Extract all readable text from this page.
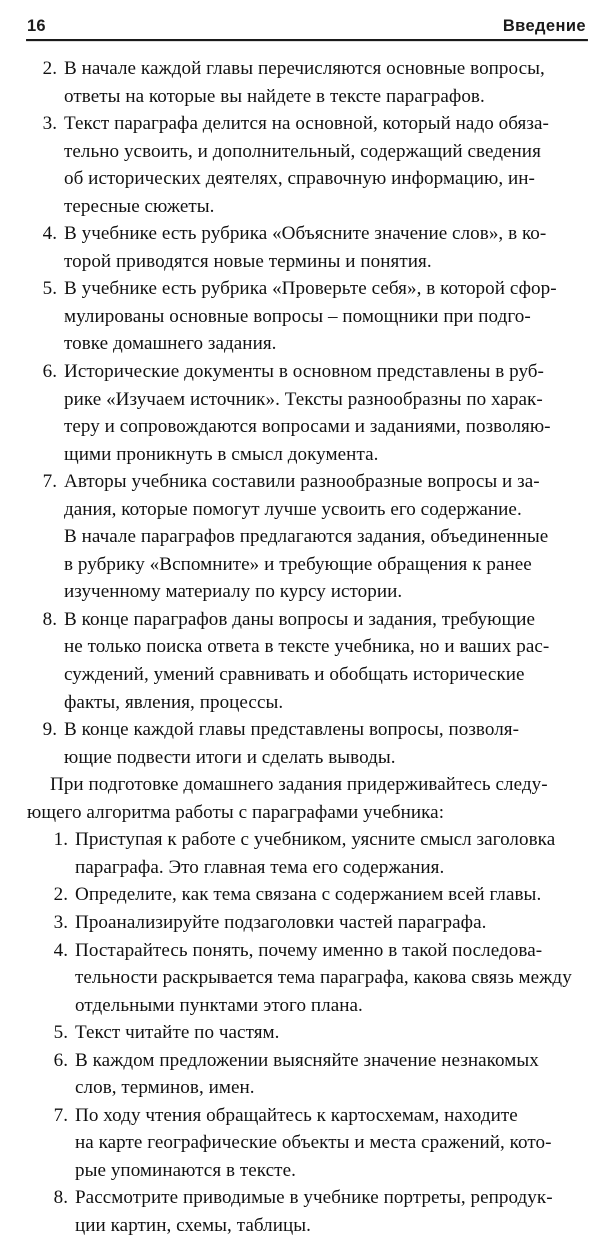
16	Введение
2. В начале каждой главы перечисляются основные вопросы,
ответы на которые вы найдете в тексте параграфов.
3. Текст параграфа делится на основной, который надо обяза-
тельно усвоить, и дополнительный, содержащий сведения
об исторических деятелях, справочную информацию, ин-
тересные сюжеты.
4. В учебнике есть рубрика «Объясните значение слов», в ко-
торой приводятся новые термины и понятия.
5. В учебнике есть рубрика «Проверьте себя», в которой сфор-
мулированы основные вопросы – помощники при подго-
товке домашнего задания.
6. Исторические документы в основном представлены в руб-
рике «Изучаем источник». Тексты разнообразны по харак-
теру и сопровождаются вопросами и заданиями, позволяю-
щими проникнуть в смысл документа.
7. Авторы учебника составили разнообразные вопросы и за-
дания, которые помогут лучше усвоить его содержание.
В начале параграфов предлагаются задания, объединенные
в рубрику «Вспомните» и требующие обращения к ранее
изученному материалу по курсу истории.
8. В конце параграфов даны вопросы и задания, требующие
не только поиска ответа в тексте учебника, но и ваших рас-
суждений, умений сравнивать и обобщать исторические
факты, явления, процессы.
9. В конце каждой главы представлены вопросы, позволя-
ющие подвести итоги и сделать выводы.
При подготовке домашнего задания придерживайтесь следу-
ющего алгоритма работы с параграфами учебника:
1. Приступая к работе с учебником, уясните смысл заголовка
параграфа. Это главная тема его содержания.
2. Определите, как тема связана с содержанием всей главы.
3. Проанализируйте подзаголовки частей параграфа.
4. Постарайтесь понять, почему именно в такой последова-
тельности раскрывается тема параграфа, какова связь между
отдельными пунктами этого плана.
5. Текст читайте по частям.
6. В каждом предложении выясняйте значение незнакомых
слов, терминов, имен.
7. По ходу чтения обращайтесь к картосхемам, находите
на карте географические объекты и места сражений, кото-
рые упоминаются в тексте.
8. Рассмотрите приводимые в учебнике портреты, репродук-
ции картин, схемы, таблицы.
